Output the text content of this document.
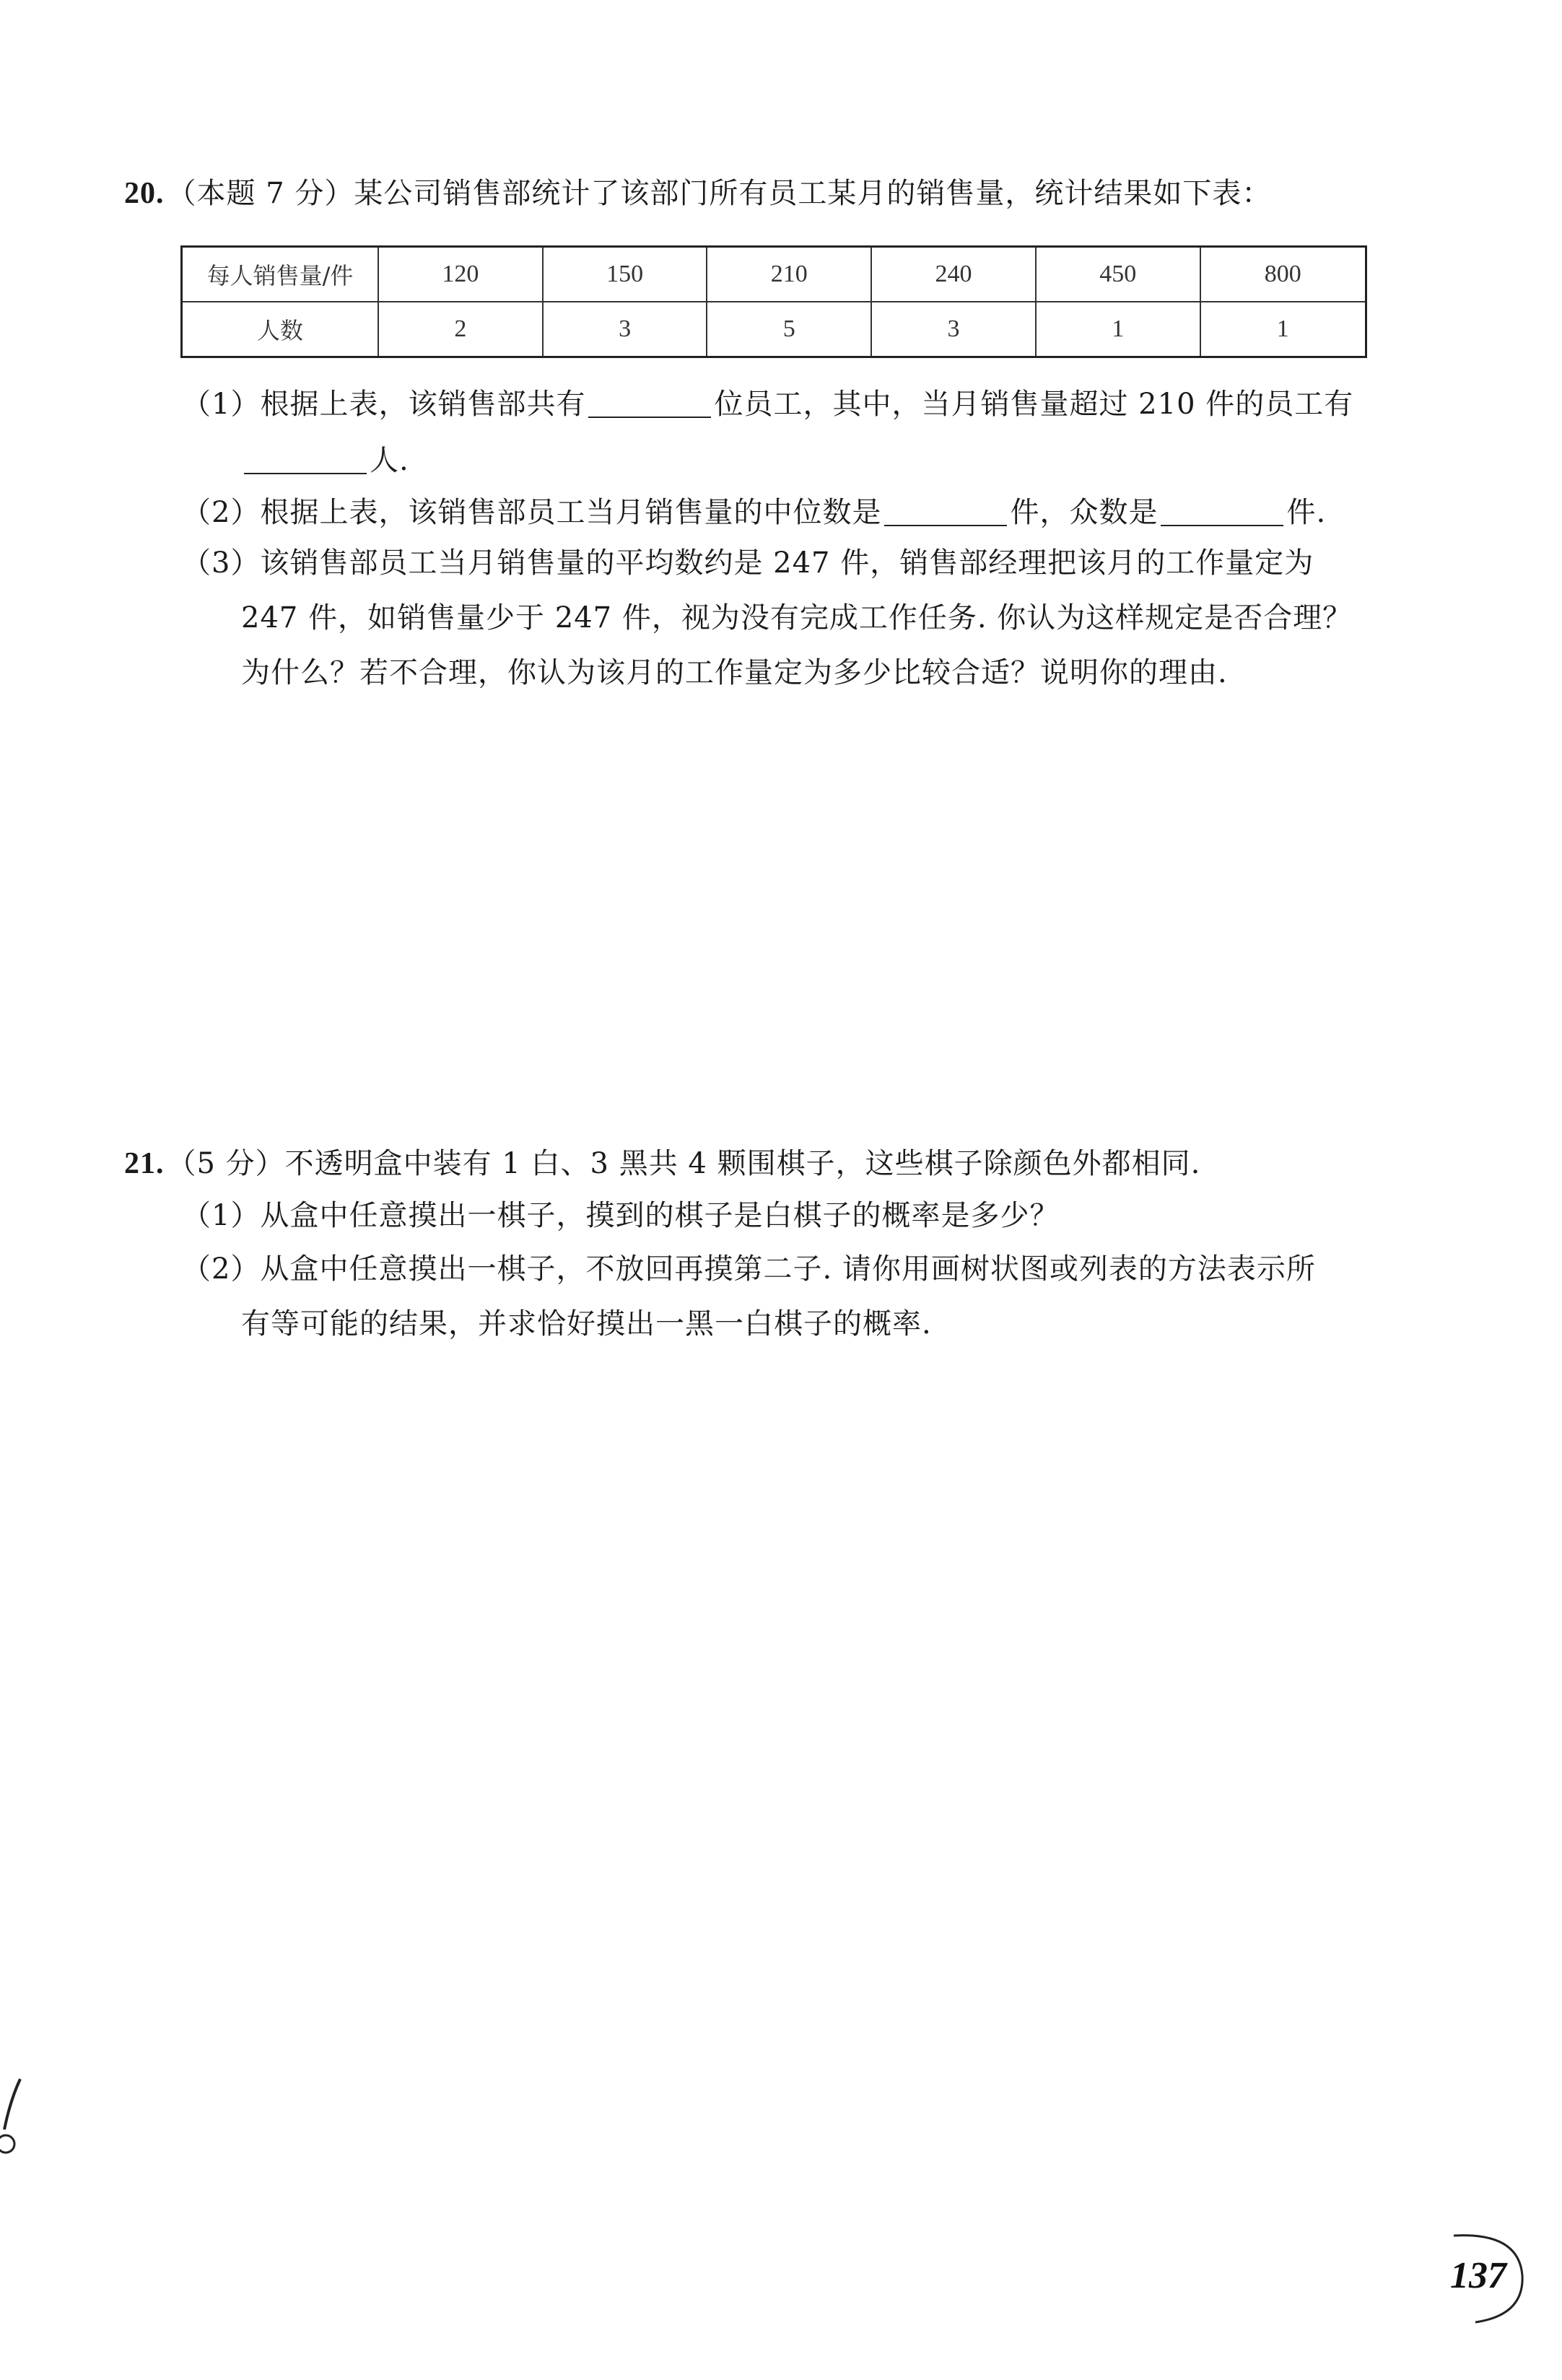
20. （本题 7 分）某公司销售部统计了该部门所有员工某月的销售量，统计结果如下表：
每人销售量/件	120	150	210	240	450	800
人数	2	3	5	3	1	1
（1）根据上表，该销售部共有	位员工，其中，当月销售量超过 210 件的员工有
人.
（2）根据上表，该销售部员工当月销售量的中位数是	件，众数是	件.
（3）该销售部员工当月销售量的平均数约是 247 件，销售部经理把该月的工作量定为
247 件，如销售量少于 247 件，视为没有完成工作任务. 你认为这样规定是否合理？
为什么？若不合理，你认为该月的工作量定为多少比较合适？说明你的理由.
21. （5 分）不透明盒中装有 1 白、3 黑共 4 颗围棋子，这些棋子除颜色外都相同.
（1）从盒中任意摸出一棋子，摸到的棋子是白棋子的概率是多少？
（2）从盒中任意摸出一棋子，不放回再摸第二子. 请你用画树状图或列表的方法表示所
有等可能的结果，并求恰好摸出一黑一白棋子的概率.
137
